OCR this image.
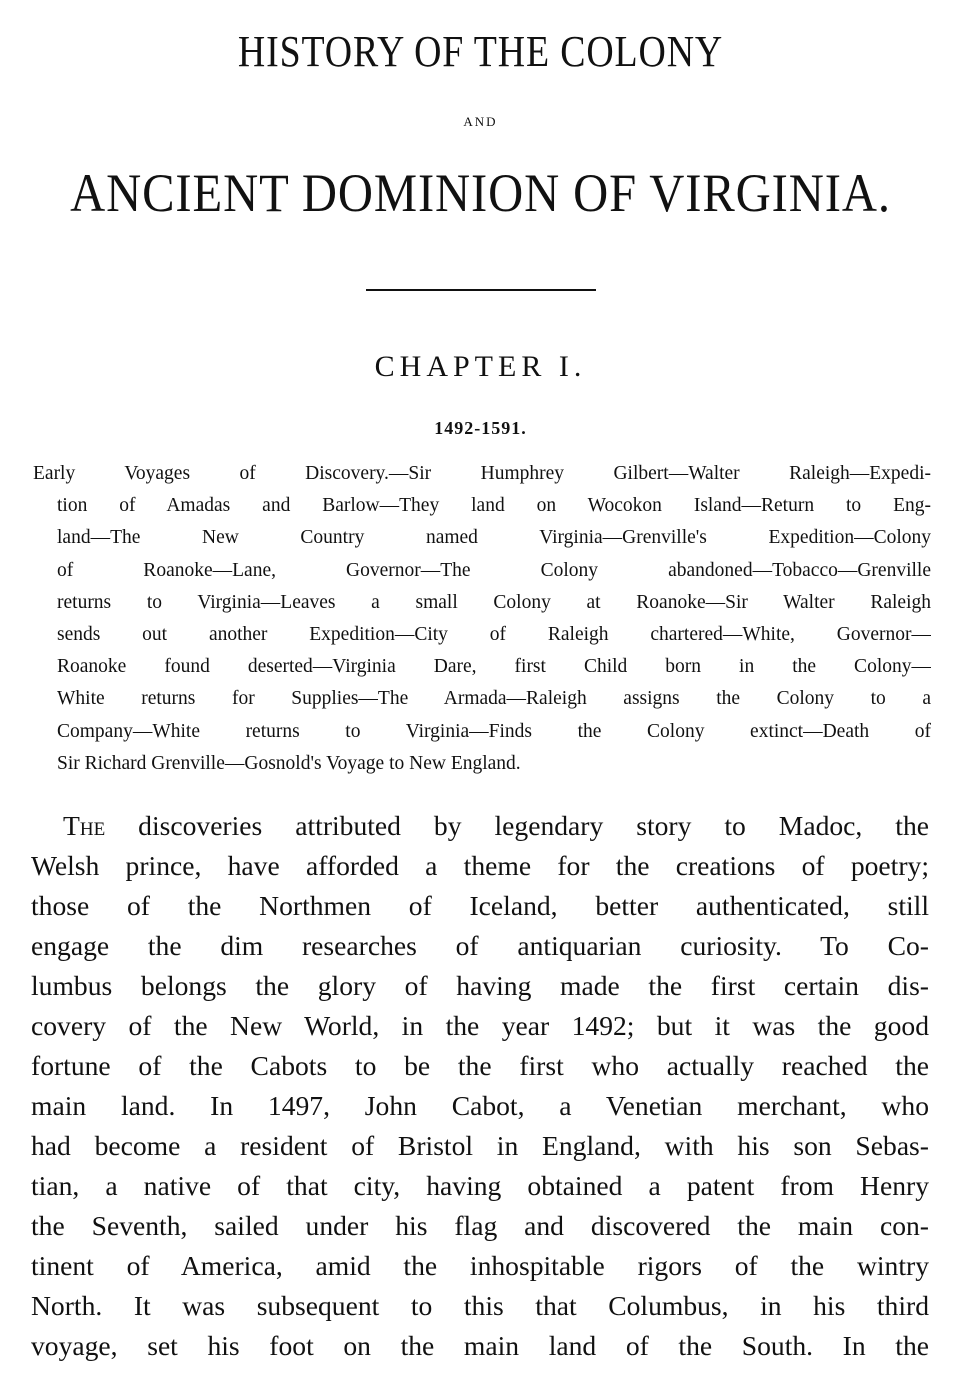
HISTORY OF THE COLONY
AND
ANCIENT DOMINION OF VIRGINIA.
CHAPTER I.
1492-1591.
Early Voyages of Discovery.—Sir Humphrey Gilbert—Walter Raleigh—Expedi-
tion of Amadas and Barlow—They land on Wocokon Island—Return to Eng-
land—The New Country named Virginia—Grenville's Expedition—Colony
of Roanoke—Lane, Governor—The Colony abandoned—Tobacco—Grenville
returns to Virginia—Leaves a small Colony at Roanoke—Sir Walter Raleigh
sends out another Expedition—City of Raleigh chartered—White, Governor—
Roanoke found deserted—Virginia Dare, first Child born in the Colony—
White returns for Supplies—The Armada—Raleigh assigns the Colony to a
Company—White returns to Virginia—Finds the Colony extinct—Death of
Sir Richard Grenville—Gosnold's Voyage to New England.
The discoveries attributed by legendary story to Madoc, the
Welsh prince, have afforded a theme for the creations of poetry;
those of the Northmen of Iceland, better authenticated, still
engage the dim researches of antiquarian curiosity. To Co-
lumbus belongs the glory of having made the first certain dis-
covery of the New World, in the year 1492; but it was the good
fortune of the Cabots to be the first who actually reached the
main land. In 1497, John Cabot, a Venetian merchant, who
had become a resident of Bristol in England, with his son Sebas-
tian, a native of that city, having obtained a patent from Henry
the Seventh, sailed under his flag and discovered the main con-
tinent of America, amid the inhospitable rigors of the wintry
North. It was subsequent to this that Columbus, in his third
voyage, set his foot on the main land of the South. In the
